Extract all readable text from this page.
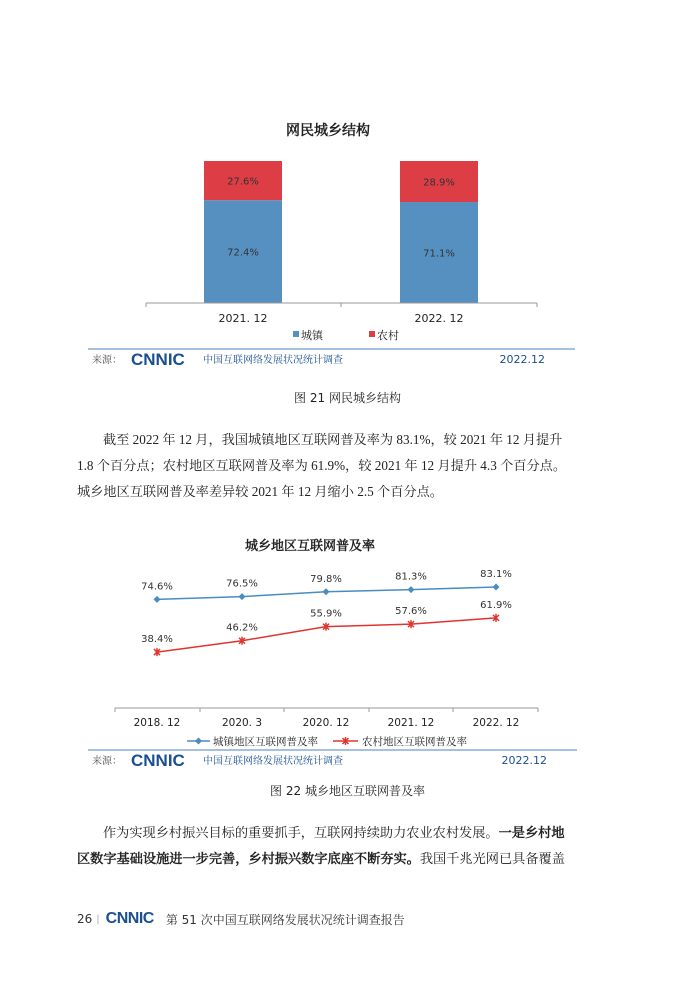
网民城乡结构
72.4%
27.6%
2021. 12
71.1%
28.9%
2022. 12
城镇	农村
来源： CNNIC 中国互联网络发展状况统计调查	2022.12
图 21 网民城乡结构
截至 2022 年 12 月，我国城镇地区互联网普及率为 83.1%，较 2021 年 12 月提升
1.8 个百分点；农村地区互联网普及率为 61.9%，较 2021 年 12 月提升 4.3 个百分点。
城乡地区互联网普及率差异较 2021 年 12 月缩小 2.5 个百分点。
城乡地区互联网普及率
2018. 12	2020. 3	2020. 12	2021. 12	2022. 12
74.6%	76.5%	79.8%	81.3%	83.1%
38.4%
46.2%
55.9%	57.6%
61.9%
城镇地区互联网普及率	农村地区互联网普及率
来源： CNNIC 中国互联网络发展状况统计调查	2022.12
图 22 城乡地区互联网普及率
作为实现乡村振兴目标的重要抓手，互联网持续助力农业农村发展。一是乡村地
区数字基础设施进一步完善，乡村振兴数字底座不断夯实。我国千兆光网已具备覆盖
26 | CNNIC 第 51 次中国互联网络发展状况统计调查报告
